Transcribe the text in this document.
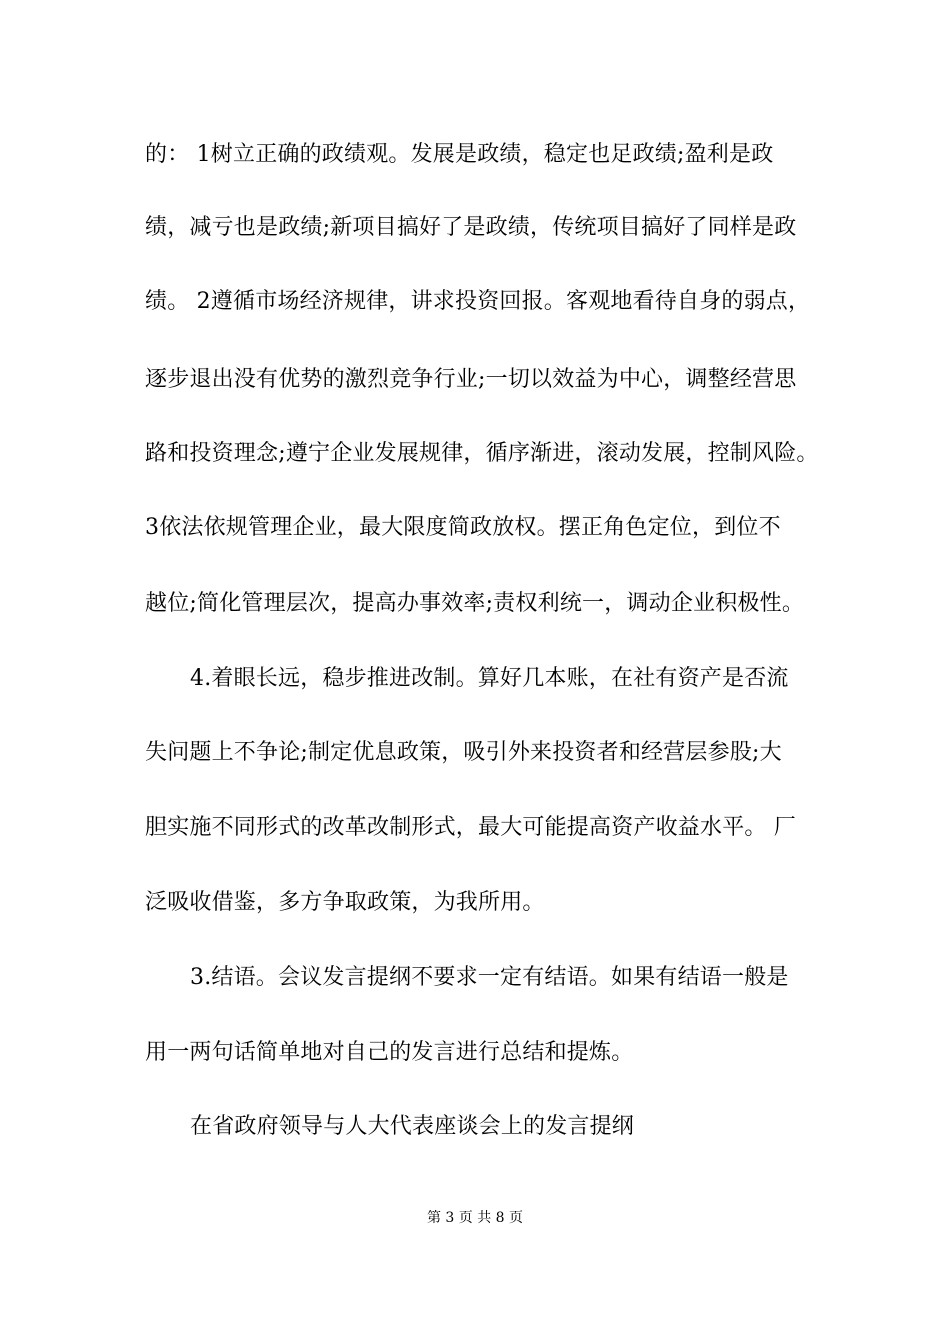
的： 1树立正确的政绩观。发展是政绩，稳定也足政绩;盈利是政
绩，减亏也是政绩;新项目搞好了是政绩，传统项目搞好了同样是政
绩。 2遵循市场经济规律，讲求投资回报。客观地看待自身的弱点，
逐步退出没有优势的激烈竞争行业;一切以效益为中心，调整经营思
路和投资理念;遵宁企业发展规律，循序渐进，滚动发展，控制风险。
3依法依规管理企业，最大限度简政放权。摆正角色定位，到位不
越位;简化管理层次，提高办事效率;责权利统一，调动企业积极性。
4.着眼长远，稳步推进改制。算好几本账，在社有资产是否流
失问题上不争论;制定优息政策，吸引外来投资者和经营层参股;大
胆实施不同形式的改革改制形式，最大可能提高资产收益水平。 厂
泛吸收借鉴，多方争取政策，为我所用。
3.结语。会议发言提纲不要求一定有结语。如果有结语一般是
用一两句话简单地对自己的发言进行总结和提炼。
在省政府领导与人大代表座谈会上的发言提纲
第 3 页 共 8 页
